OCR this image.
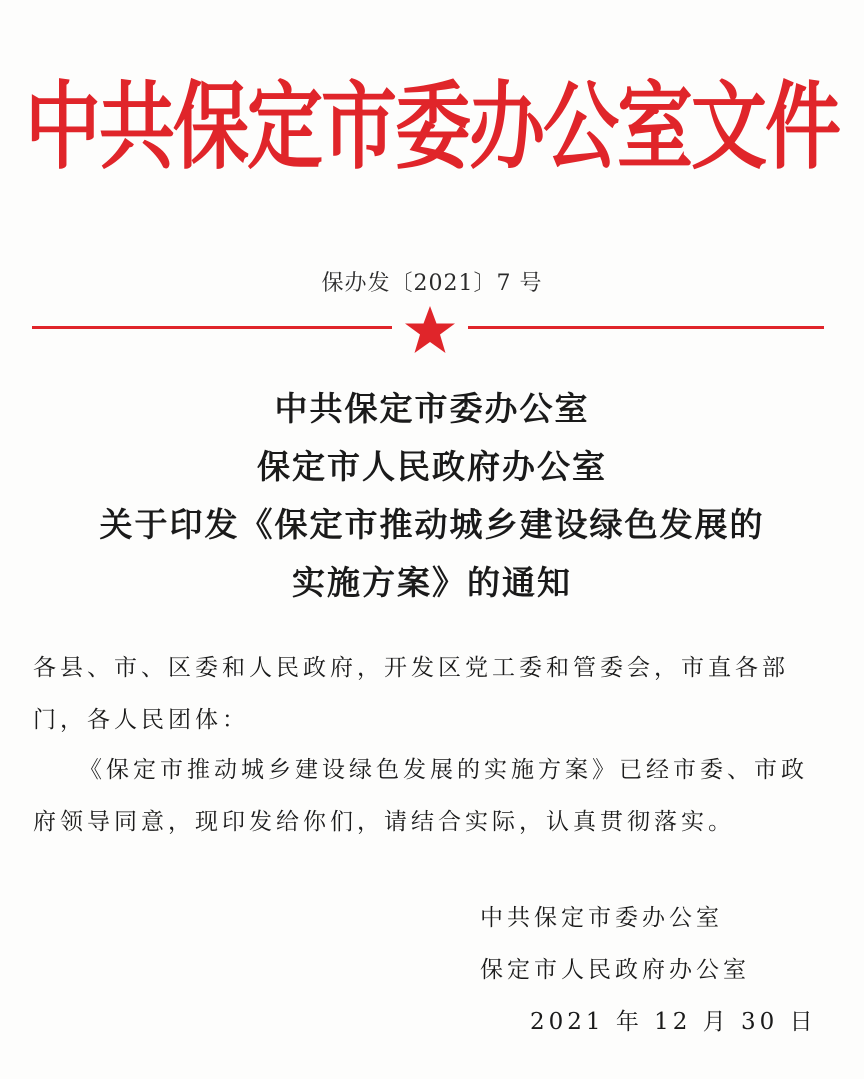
中共保定市委办公室文件
保办发〔2021〕7 号
中共保定市委办公室
保定市人民政府办公室
关于印发《保定市推动城乡建设绿色发展的
实施方案》的通知
各县、市、区委和人民政府，开发区党工委和管委会，市直各部门，各人民团体：
《保定市推动城乡建设绿色发展的实施方案》已经市委、市政府领导同意，现印发给你们，请结合实际，认真贯彻落实。
中共保定市委办公室
保定市人民政府办公室
2021 年 12 月 30 日
